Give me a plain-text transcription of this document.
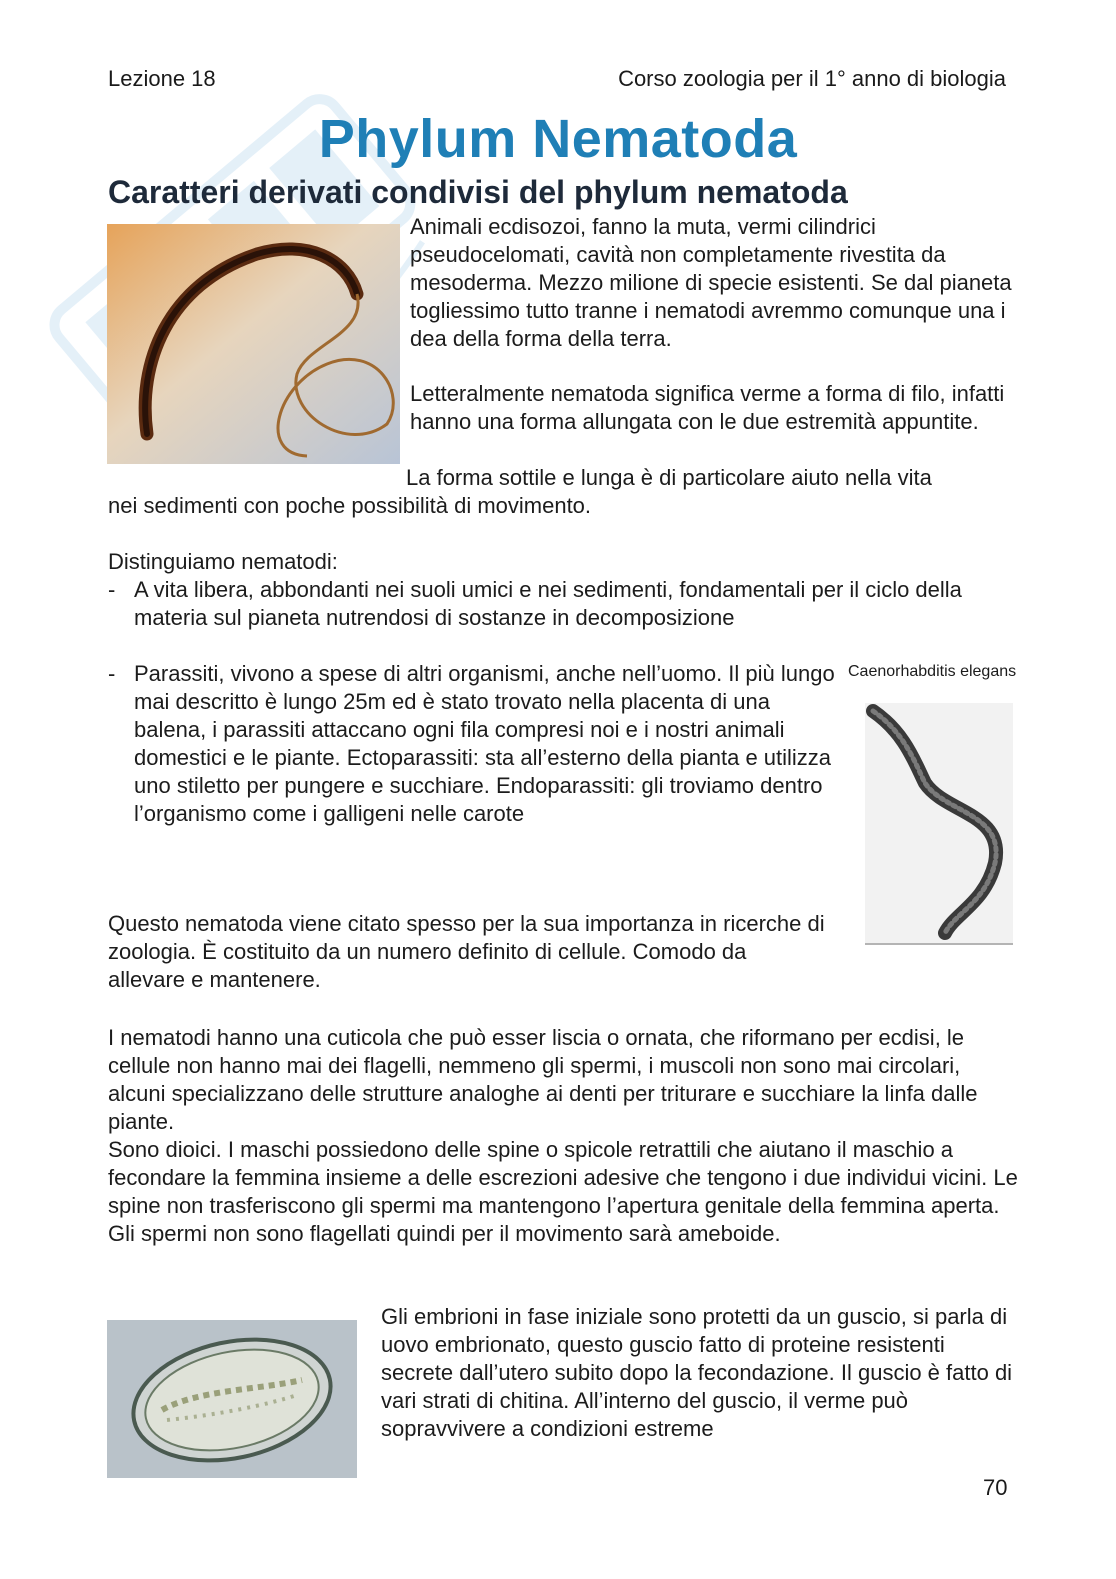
Lezione 18	Corso zoologia per il 1° anno di biologia
Phylum Nematoda
Caratteri derivati condivisi del phylum nematoda

Animali ecdisozoi, fanno la muta, vermi cilindrici pseudocelomati, cavità non completamente rivestita da mesoderma. Mezzo milione di specie esistenti. Se dal pianeta togliessimo tutto tranne i nematodi avremmo comunque una i dea della forma della terra.

Letteralmente nematoda significa verme a forma di filo, infatti hanno una forma allungata con le due estremità appuntite.

La forma sottile e lunga è di particolare aiuto nella vita

nei sedimenti con poche possibilità di movimento.

Distinguiamo nematodi:

- A vita libera, abbondanti nei suoli umici e nei sedimenti, fondamentali per il ciclo della materia sul pianeta nutrendosi di sostanze in decomposizione
- Parassiti, vivono a spese di altri organismi, anche nell’uomo. Il più lungo mai descritto è lungo 25m ed è stato trovato nella placenta di una balena, i parassiti attaccano ogni fila compresi noi e i nostri animali domestici e le piante. Ectoparassiti: sta all’esterno della pianta e utilizza uno stiletto per pungere e succhiare. Endoparassiti: gli troviamo dentro l’organismo come i galligeni nelle carote
Caenorhabditis elegans

Questo nematoda viene citato spesso per la sua importanza in ricerche di zoologia. È costituito da un numero definito di cellule. Comodo da allevare e mantenere.

I nematodi hanno una cuticola che può esser liscia o ornata, che riformano per ecdisi, le cellule non hanno mai dei flagelli, nemmeno gli spermi, i muscoli non sono mai circolari, alcuni specializzano delle strutture analoghe ai denti per triturare e succhiare la linfa dalle piante.

Sono dioici. I maschi possiedono delle spine o spicole retrattili che aiutano il maschio a fecondare la femmina insieme a delle escrezioni adesive che tengono i due individui vicini. Le spine non trasferiscono gli spermi ma mantengono l’apertura genitale della femmina aperta. Gli spermi non sono flagellati quindi per il movimento sarà ameboide.

Gli embrioni in fase iniziale sono protetti da un guscio, si parla di uovo embrionato, questo guscio fatto di proteine resistenti secrete dall’utero subito dopo la fecondazione. Il guscio è fatto di vari strati di chitina. All’interno del guscio, il verme può sopravvivere a condizioni estreme

70
